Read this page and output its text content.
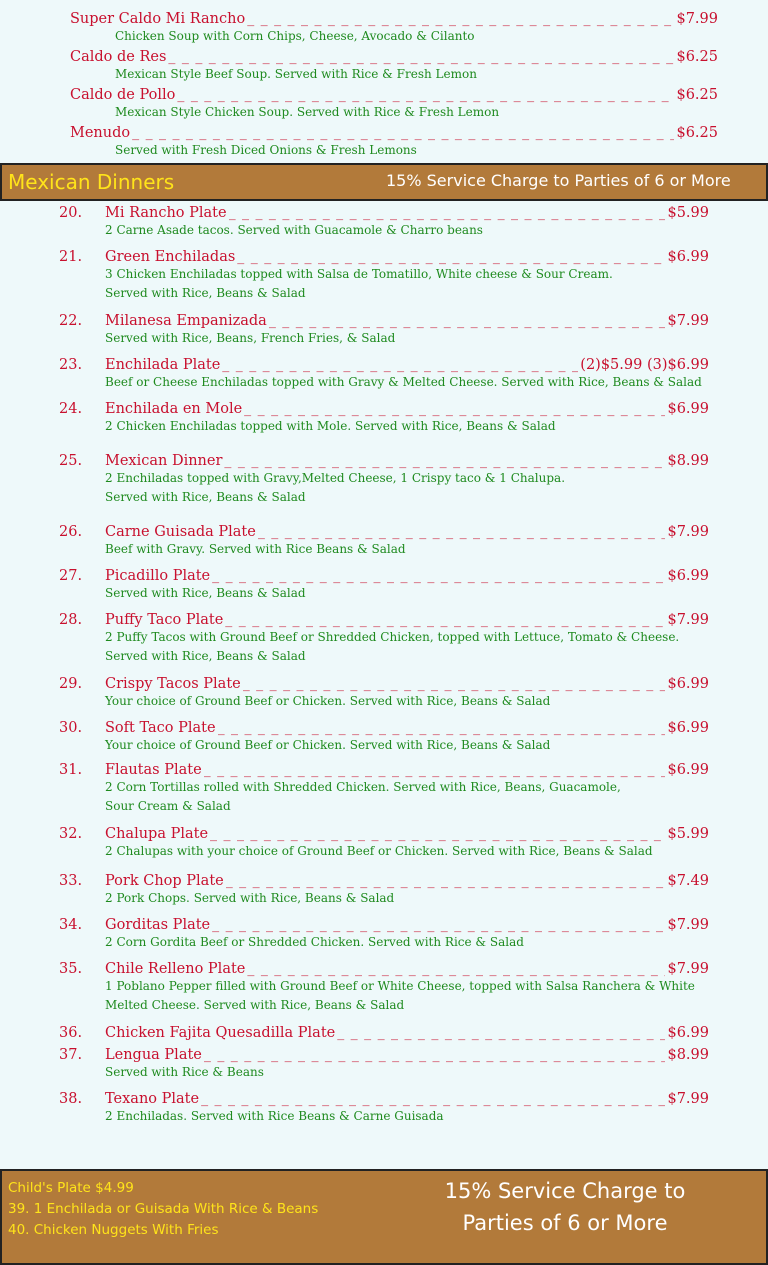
Super Caldo Mi Rancho _ _ _	$7.99
Chicken Soup with Corn Chips, Cheese, Avocado & Cilanto
Caldo de Res _ _ _	$6.25
Mexican Style Beef Soup. Served with Rice & Fresh Lemon
Caldo de Pollo _ _ _	$6.25
Mexican Style Chicken Soup. Served with Rice & Fresh Lemon
Menudo _ _ _	$6.25
Served with Fresh Diced Onions & Fresh Lemons
Mexican Dinners	15% Service Charge to Parties of 6 or More
20. Mi Rancho Plate _ _ _	$5.99
2 Carne Asade tacos. Served with Guacamole & Charro beans
21. Green Enchiladas _ _ _	$6.99
3 Chicken Enchiladas topped with Salsa de Tomatillo, White cheese & Sour Cream.
Served with Rice, Beans & Salad
22. Milanesa Empanizada _ _ _	$7.99
Served with Rice, Beans, French Fries, & Salad
23. Enchilada Plate _ _ _	(2)$5.99 (3)$6.99
Beef or Cheese Enchiladas topped with Gravy & Melted Cheese. Served with Rice, Beans & Salad
24. Enchilada en Mole _ _ _	$6.99
2 Chicken Enchiladas topped with Mole. Served with Rice, Beans & Salad
25. Mexican Dinner _ _ _	$8.99
2 Enchiladas topped with Gravy,Melted Cheese, 1 Crispy taco & 1 Chalupa.
Served with Rice, Beans & Salad
26. Carne Guisada Plate _ _ _	$7.99
Beef with Gravy. Served with Rice Beans & Salad
27. Picadillo Plate _ _ _	$6.99
Served with Rice, Beans & Salad
28. Puffy Taco Plate _ _ _	$7.99
2 Puffy Tacos with Ground Beef or Shredded Chicken, topped with Lettuce, Tomato & Cheese.
Served with Rice, Beans & Salad
29. Crispy Tacos Plate _ _ _	$6.99
Your choice of Ground Beef or Chicken. Served with Rice, Beans & Salad
30. Soft Taco Plate _ _ _	$6.99
Your choice of Ground Beef or Chicken. Served with Rice, Beans & Salad
31. Flautas Plate _ _ _	$6.99
2 Corn Tortillas rolled with Shredded Chicken. Served with Rice, Beans, Guacamole,
Sour Cream & Salad
32. Chalupa Plate _ _ _	$5.99
2 Chalupas with your choice of Ground Beef or Chicken. Served with Rice, Beans & Salad
33. Pork Chop Plate _ _ _	$7.49
2 Pork Chops. Served with Rice, Beans & Salad
34. Gorditas Plate _ _ _	$7.99
2 Corn Gordita Beef or Shredded Chicken. Served with Rice & Salad
35. Chile Relleno Plate _ _ _	$7.99
1 Poblano Pepper filled with Ground Beef or White Cheese, topped with Salsa Ranchera & White
Melted Cheese. Served with Rice, Beans & Salad
36. Chicken Fajita Quesadilla Plate _ _ _	$6.99
37. Lengua Plate _ _ _	$8.99
Served with Rice & Beans
38. Texano Plate _ _ _	$7.99
2 Enchiladas. Served with Rice Beans & Carne Guisada
Child's Plate $4.99
39. 1 Enchilada or Guisada With Rice & Beans
40. Chicken Nuggets With Fries
15% Service Charge to
Parties of 6 or More
